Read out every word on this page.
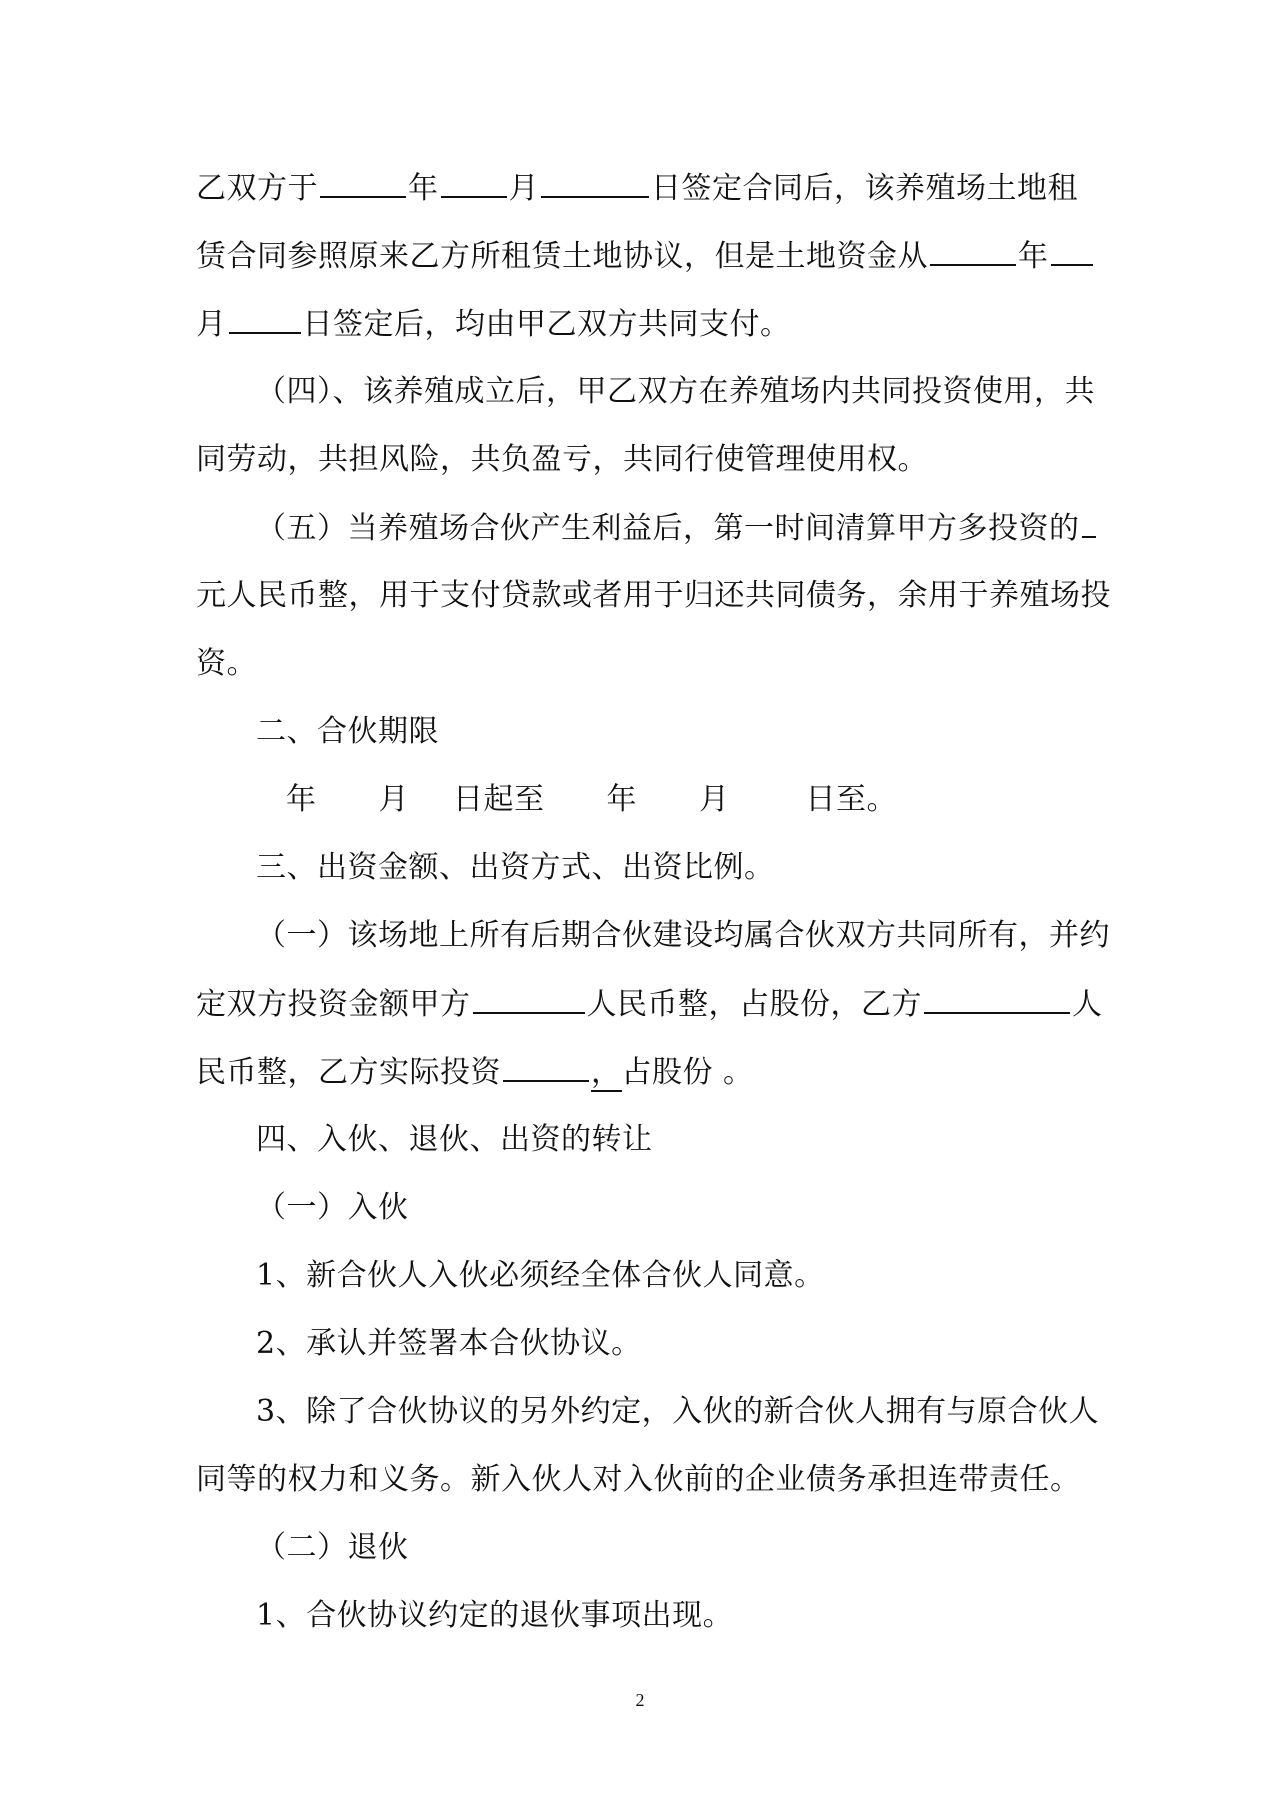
乙双方于	年 月	日签定合同后，该养殖场土地租
赁合同参照原来乙方所租赁土地协议，但是土地资金从	年
月	日签定后，均由甲乙双方共同支付。
（四）、该养殖成立后，甲乙双方在养殖场内共同投资使用，共
同劳动，共担风险，共负盈亏，共同行使管理使用权。
（五）当养殖场合伙产生利益后，第一时间清算甲方多投资的
元人民币整，用于支付贷款或者用于归还共同债务，余用于养殖场投
资。
二、合伙期限
年 月 日起至 年 月	日至。
三、出资金额、出资方式、出资比例。
（一）该场地上所有后期合伙建设均属合伙双方共同所有，并约
定双方投资金额甲方	人民币整，占股份，乙方	人
民币整，乙方实际投资	，占股份 。
四、入伙、退伙、出资的转让
（一）入伙
1、新合伙人入伙必须经全体合伙人同意。
2、承认并签署本合伙协议。
3、除了合伙协议的另外约定，入伙的新合伙人拥有与原合伙人
同等的权力和义务。新入伙人对入伙前的企业债务承担连带责任。
（二）退伙
1、合伙协议约定的退伙事项出现。
2
